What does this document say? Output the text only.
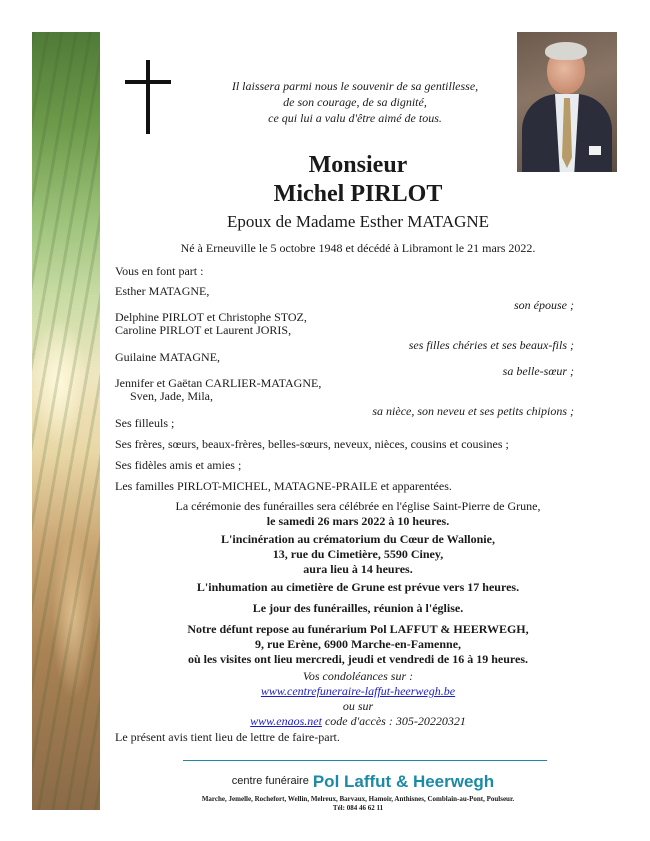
Il laissera parmi nous le souvenir de sa gentillesse,
de son courage, de sa dignité,
ce qui lui a valu d'être aimé de tous.

Monsieur

Michel PIRLOT

Epoux de Madame Esther MATAGNE

Né à Erneuville le 5 octobre 1948 et décédé à Libramont le 21 mars 2022.

Vous en font part :

Esther MATAGNE,

son épouse ;

Delphine PIRLOT et Christophe STOZ,

Caroline PIRLOT et Laurent JORIS,

ses filles chéries et ses beaux-fils ;

Guilaine MATAGNE,

sa belle-sœur ;

Jennifer et Gaëtan CARLIER-MATAGNE,

Sven, Jade, Mila,

sa nièce, son neveu et ses petits chipions ;

Ses filleuls ;

Ses frères, sœurs, beaux-frères, belles-sœurs, neveux, nièces, cousins et cousines ;

Ses fidèles amis et amies ;

Les familles PIRLOT-MICHEL, MATAGNE-PRAILE et apparentées.

La cérémonie des funérailles sera célébrée en l'église Saint-Pierre de Grune,
le samedi 26 mars 2022 à 10 heures.

L'incinération au crématorium du Cœur de Wallonie,
13, rue du Cimetière, 5590 Ciney,
aura lieu à 14 heures.

L'inhumation au cimetière de Grune est prévue vers 17 heures.

Le jour des funérailles, réunion à l'église.

Notre défunt repose au funérarium Pol LAFFUT & HEERWEGH,
9, rue Erène, 6900 Marche-en-Famenne,
où les visites ont lieu mercredi, jeudi et vendredi de 16 à 19 heures.

Vos condoléances sur :
www.centrefuneraire-laffut-heerwegh.be
ou sur
www.enaos.net code d'accès : 305-20220321

Le présent avis tient lieu de lettre de faire-part.

centre funéraire Pol Laffut & Heerwegh
Marche, Jemelle, Rochefort, Wellin, Melreux, Barvaux, Hamoir, Anthisnes, Comblain-au-Pont, Poulseur.
Tél: 084 46 62 11
